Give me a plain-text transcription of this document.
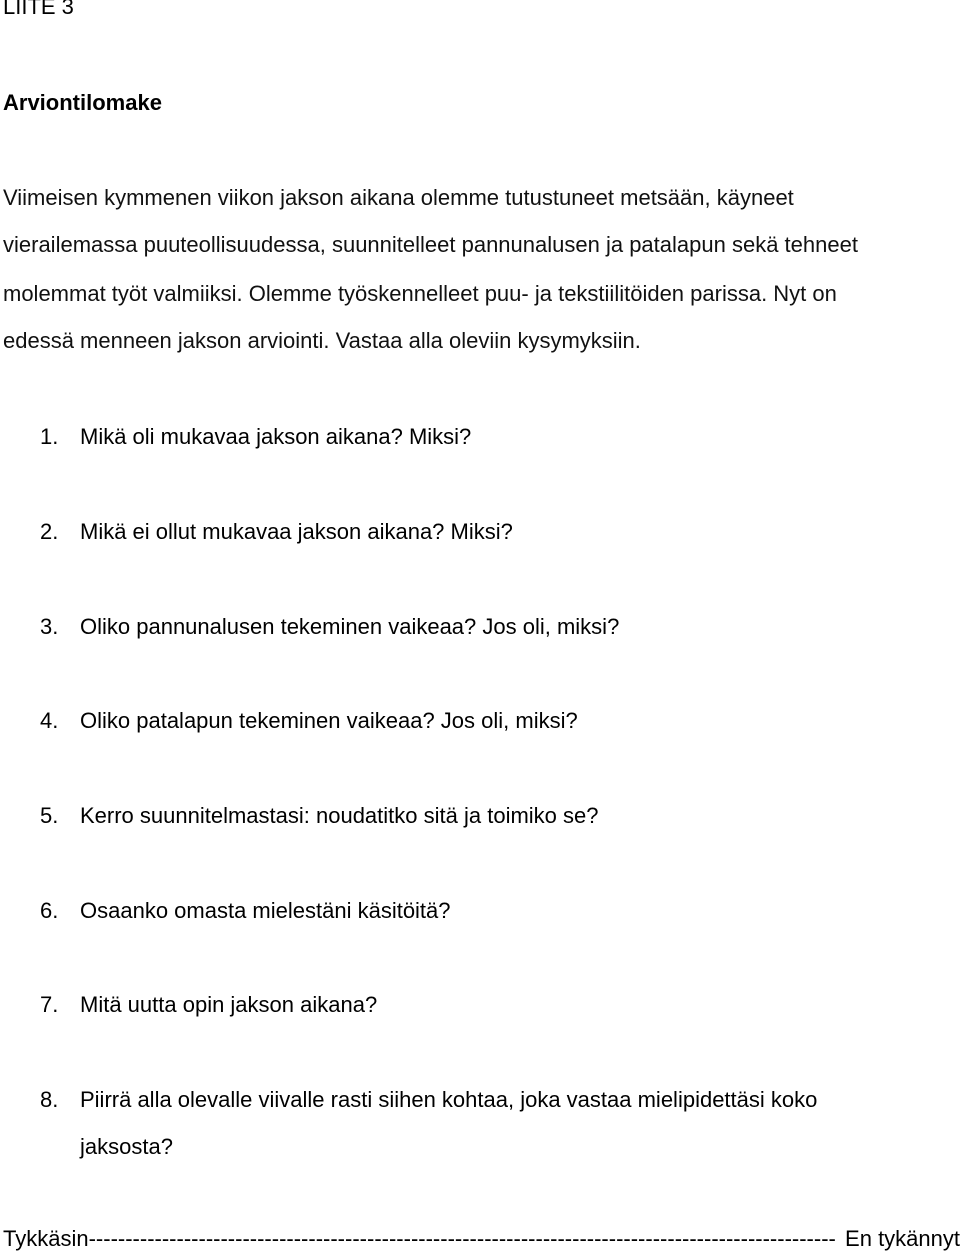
LIITE 3
Arviontilomake
Viimeisen kymmenen viikon jakson aikana olemme tutustuneet metsään, käyneet
vierailemassa puuteollisuudessa, suunnitelleet pannunalusen ja patalapun sekä tehneet
molemmat työt valmiiksi. Olemme työskennelleet puu- ja tekstiilitöiden parissa. Nyt on
edessä menneen jakson arviointi. Vastaa alla oleviin kysymyksiin.
1. Mikä oli mukavaa jakson aikana? Miksi?
2. Mikä ei ollut mukavaa jakson aikana? Miksi?
3. Oliko pannunalusen tekeminen vaikeaa? Jos oli, miksi?
4. Oliko patalapun tekeminen vaikeaa? Jos oli, miksi?
5. Kerro suunnitelmastasi: noudatitko sitä ja toimiko se?
6. Osaanko omasta mielestäni käsitöitä?
7. Mitä uutta opin jakson aikana?
8. Piirrä alla olevalle viivalle rasti siihen kohtaa, joka vastaa mielipidettäsi koko
jaksosta?
Tykkäsin ------------------------------------------------------------------------------------------------------ En tykännyt
